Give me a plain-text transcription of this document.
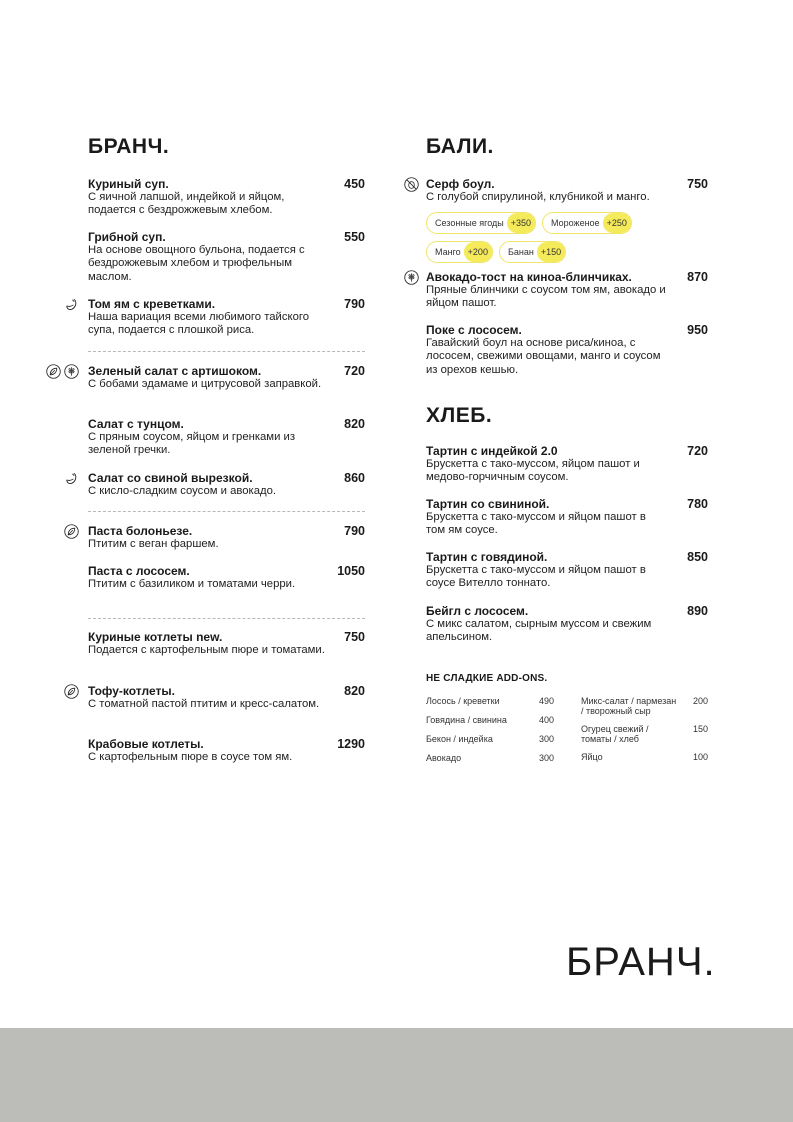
БРАНЧ.
Куриный суп.
С яичной лапшой, индейкой и яйцом, подается с бездрожжевым хлебом.
450
Грибной суп.
На основе овощного бульона, подается с бездрожжевым хлебом и трюфельным маслом.
550
Том ям с креветками.
Наша вариация всеми любимого тайского супа, подается с плошкой риса.
790
Зеленый салат с артишоком.
С бобами эдамаме и цитрусовой заправкой.
720
Салат с тунцом.
С пряным соусом, яйцом и гренками из зеленой гречки.
820
Салат со свиной вырезкой.
С кисло-сладким соусом и авокадо.
860
Паста болоньезе.
Птитим с веган фаршем.
790
Паста с лососем.
Птитим с базиликом и томатами черри.
1050
Куриные котлеты new.
Подается с картофельным пюре и томатами.
750
Тофу-котлеты.
С томатной пастой птитим и кресс-салатом.
820
Крабовые котлеты.
С картофельным пюре в соусе том ям.
1290
БАЛИ.
Серф боул.
С голубой спирулиной, клубникой и манго.
750
Сезонные ягоды +350	Мороженое +250
Манго +200	Банан +150
Авокадо-тост на киноа-блинчиках.
Пряные блинчики с соусом том ям, авокадо и яйцом пашот.
870
Поке с лососем.
Гавайский боул на основе риса/киноа, с лососем, свежими овощами, манго и соусом из орехов кешью.
950
ХЛЕБ.
Тартин с индейкой 2.0
Брускетта с тако-муссом, яйцом пашот и медово-горчичным соусом.
720
Тартин со свининой.
Брускетта с тако-муссом и яйцом пашот в том ям соусе.
780
Тартин с говядиной.
Брускетта с тако-муссом и яйцом пашот в соусе Вителло тоннато.
850
Бейгл с лососем.
С микс салатом, сырным муссом и свежим апельсином.
890
НЕ СЛАДКИЕ ADD-ONS.
Лосось / креветки	490
Говядина / свинина	400
Бекон / индейка	300
Авокадо	300
Микс-салат / пармезан / творожный сыр
200
Огурец свежий / томаты / хлеб
150
Яйцо	100
БРАНЧ.
